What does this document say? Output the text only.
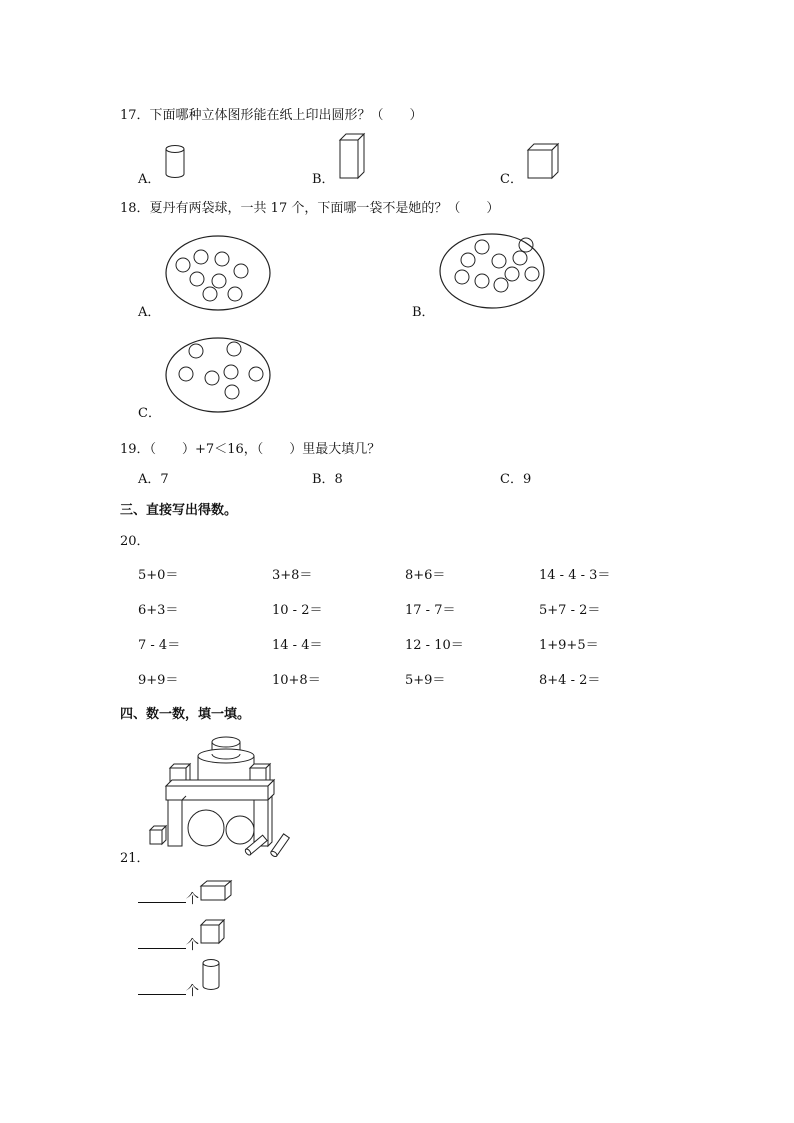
17．下面哪种立体图形能在纸上印出圆形？（　　）
A．	B．	C．
18．夏丹有两袋球，一共 17 个，下面哪一袋不是她的？（　　）
A．	B．
C．
19．（　　）+7＜16，（　　）里最大填几？
A．7	B．8	C．9
三、直接写出得数。
20．
5+0＝	3+8＝	8+6＝	14 - 4 - 3＝
6+3＝	10 - 2＝	17 - 7＝	5+7 - 2＝
7 - 4＝	14 - 4＝	12 - 10＝	1+9+5＝
9+9＝	10+8＝	5+9＝	8+4 - 2＝
四、数一数，填一填。
21．
个
个
个
